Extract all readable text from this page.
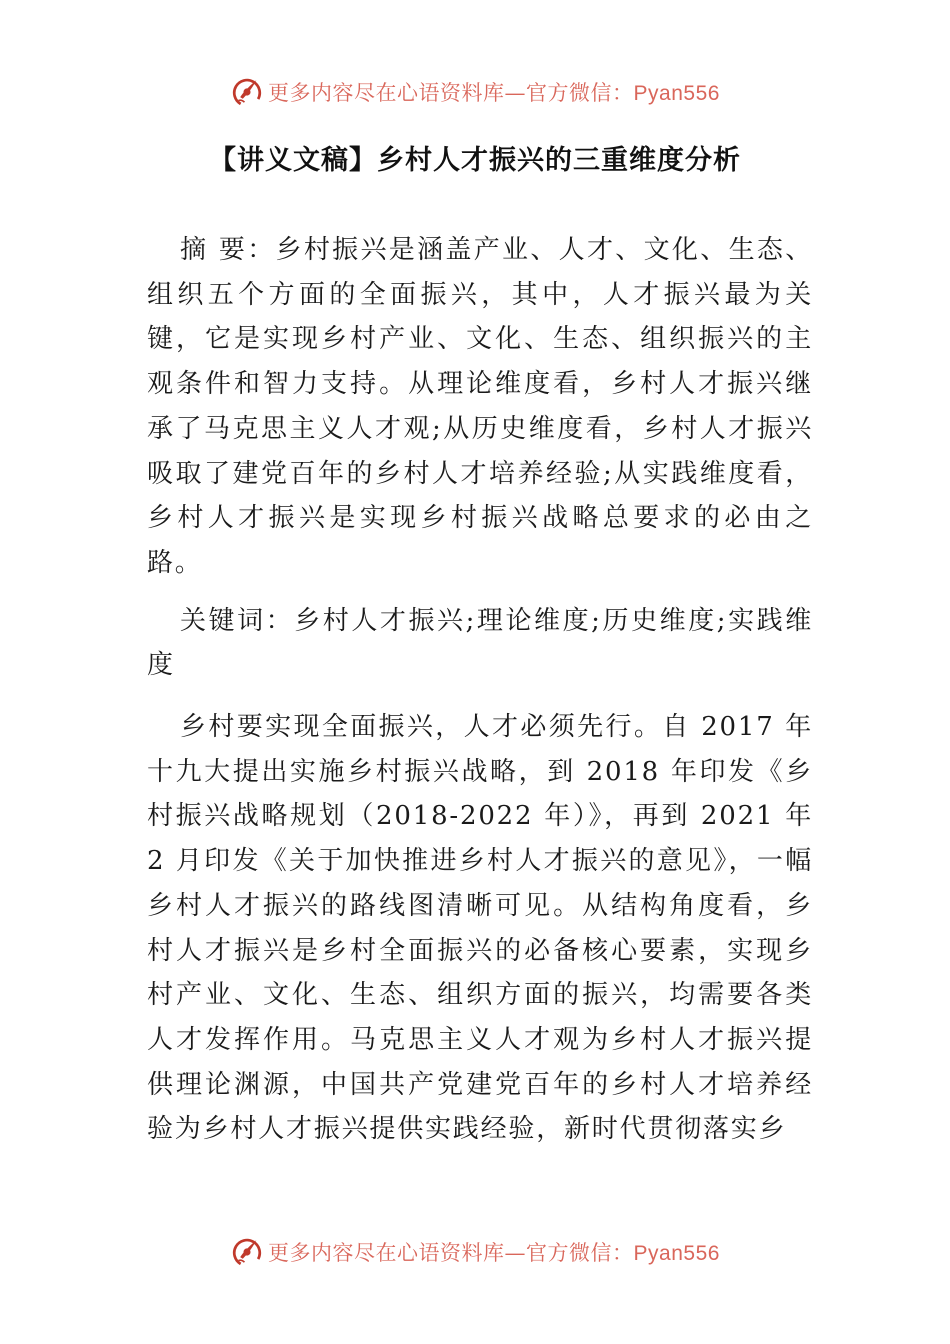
更多内容尽在心语资料库—官方微信：Pyan556
【讲义文稿】乡村人才振兴的三重维度分析

摘 要：乡村振兴是涵盖产业、人才、文化、生态、组织五个方面的全面振兴，其中，人才振兴最为关键，它是实现乡村产业、文化、生态、组织振兴的主观条件和智力支持。从理论维度看，乡村人才振兴继承了马克思主义人才观;从历史维度看，乡村人才振兴吸取了建党百年的乡村人才培养经验;从实践维度看，乡村人才振兴是实现乡村振兴战略总要求的必由之路。

关键词：乡村人才振兴;理论维度;历史维度;实践维度

乡村要实现全面振兴，人才必须先行。自 2017 年十九大提出实施乡村振兴战略，到 2018 年印发《乡村振兴战略规划（2018-2022 年）》，再到 2021 年2 月印发《关于加快推进乡村人才振兴的意见》，一幅乡村人才振兴的路线图清晰可见。从结构角度看，乡村人才振兴是乡村全面振兴的必备核心要素，实现乡村产业、文化、生态、组织方面的振兴，均需要各类人才发挥作用。马克思主义人才观为乡村人才振兴提供理论渊源，中国共产党建党百年的乡村人才培养经验为乡村人才振兴提供实践经验，新时代贯彻落实乡

更多内容尽在心语资料库—官方微信：Pyan556
